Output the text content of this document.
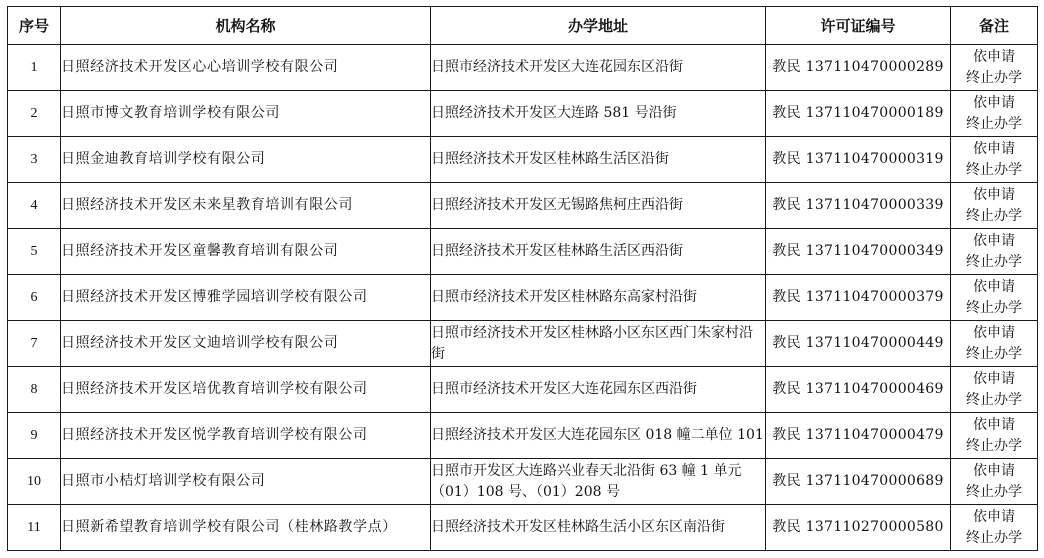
序号	机构名称	办学地址	许可证编号	备注
1	日照经济技术开发区心心培训学校有限公司	日照市经济技术开发区大连花园东区沿街	教民 137110470000289	依申请
终止办学

2	日照市博文教育培训学校有限公司	日照经济技术开发区大连路 581 号沿街	教民 137110470000189	依申请
终止办学

3	日照金迪教育培训学校有限公司	日照经济技术开发区桂林路生活区沿街	教民 137110470000319	依申请
终止办学

4	日照经济技术开发区未来星教育培训有限公司	日照经济技术开发区无锡路焦柯庄西沿街	教民 137110470000339	依申请
终止办学

5	日照经济技术开发区童馨教育培训有限公司	日照经济技术开发区桂林路生活区西沿街	教民 137110470000349	依申请
终止办学

6	日照经济技术开发区博雅学园培训学校有限公司	日照市经济技术开发区桂林路东高家村沿街	教民 137110470000379	依申请
终止办学

7	日照经济技术开发区文迪培训学校有限公司	日照市经济技术开发区桂林路小区东区西门朱家村沿街	教民 137110470000449	依申请
终止办学

8	日照经济技术开发区培优教育培训学校有限公司	日照市经济技术开发区大连花园东区西沿街	教民 137110470000469	依申请
终止办学

9	日照经济技术开发区悦学教育培训学校有限公司	日照经济技术开发区大连花园东区 018 幢二单位 101	教民 137110470000479	依申请
终止办学

10	日照市小桔灯培训学校有限公司	日照市开发区大连路兴业春天北沿街 63 幢 1 单元（01）108 号、（01）208 号	教民 137110470000689	依申请
终止办学

11	日照新希望教育培训学校有限公司（桂林路教学点）	日照经济技术开发区桂林路生活小区东区南沿街	教民 137110270000580	依申请
终止办学
